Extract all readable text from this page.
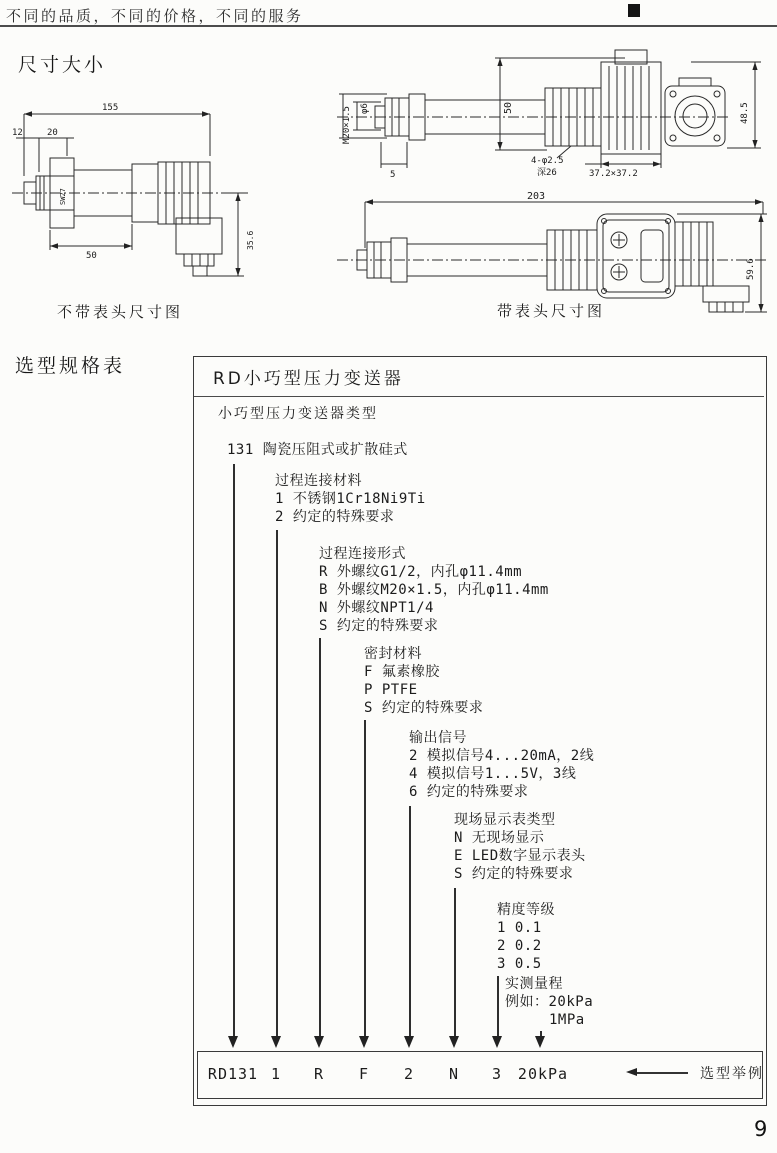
不同的品质，不同的价格，不同的服务
尺寸大小
155
12	20
SW27
35.6
50
不带表头尺寸图
M20×1.5 φ6
5
50
4-φ2.5
深26	37.2×37.2
48.5
203
59.6
带表头尺寸图
选型规格表
RD小巧型压力变送器
小巧型压力变送器类型
131 陶瓷压阻式或扩散硅式
过程连接材料
1 不锈钢1Cr18Ni9Ti
2 约定的特殊要求
过程连接形式
R 外螺纹G1/2，内孔φ11.4mm
B 外螺纹M20×1.5，内孔φ11.4mm
N 外螺纹NPT1/4
S 约定的特殊要求
密封材料
F 氟素橡胶
P PTFE
S 约定的特殊要求
输出信号
2 模拟信号4...20mA，2线
4 模拟信号1...5V，3线
6 约定的特殊要求
现场显示表类型
N 无现场显示
E LED数字显示表头
S 约定的特殊要求
精度等级
1 0.1
2 0.2
3 0.5
实测量程
例如：20kPa
1MPa
RD131 1 R F 2 N 3 20kPa	选型举例
9
